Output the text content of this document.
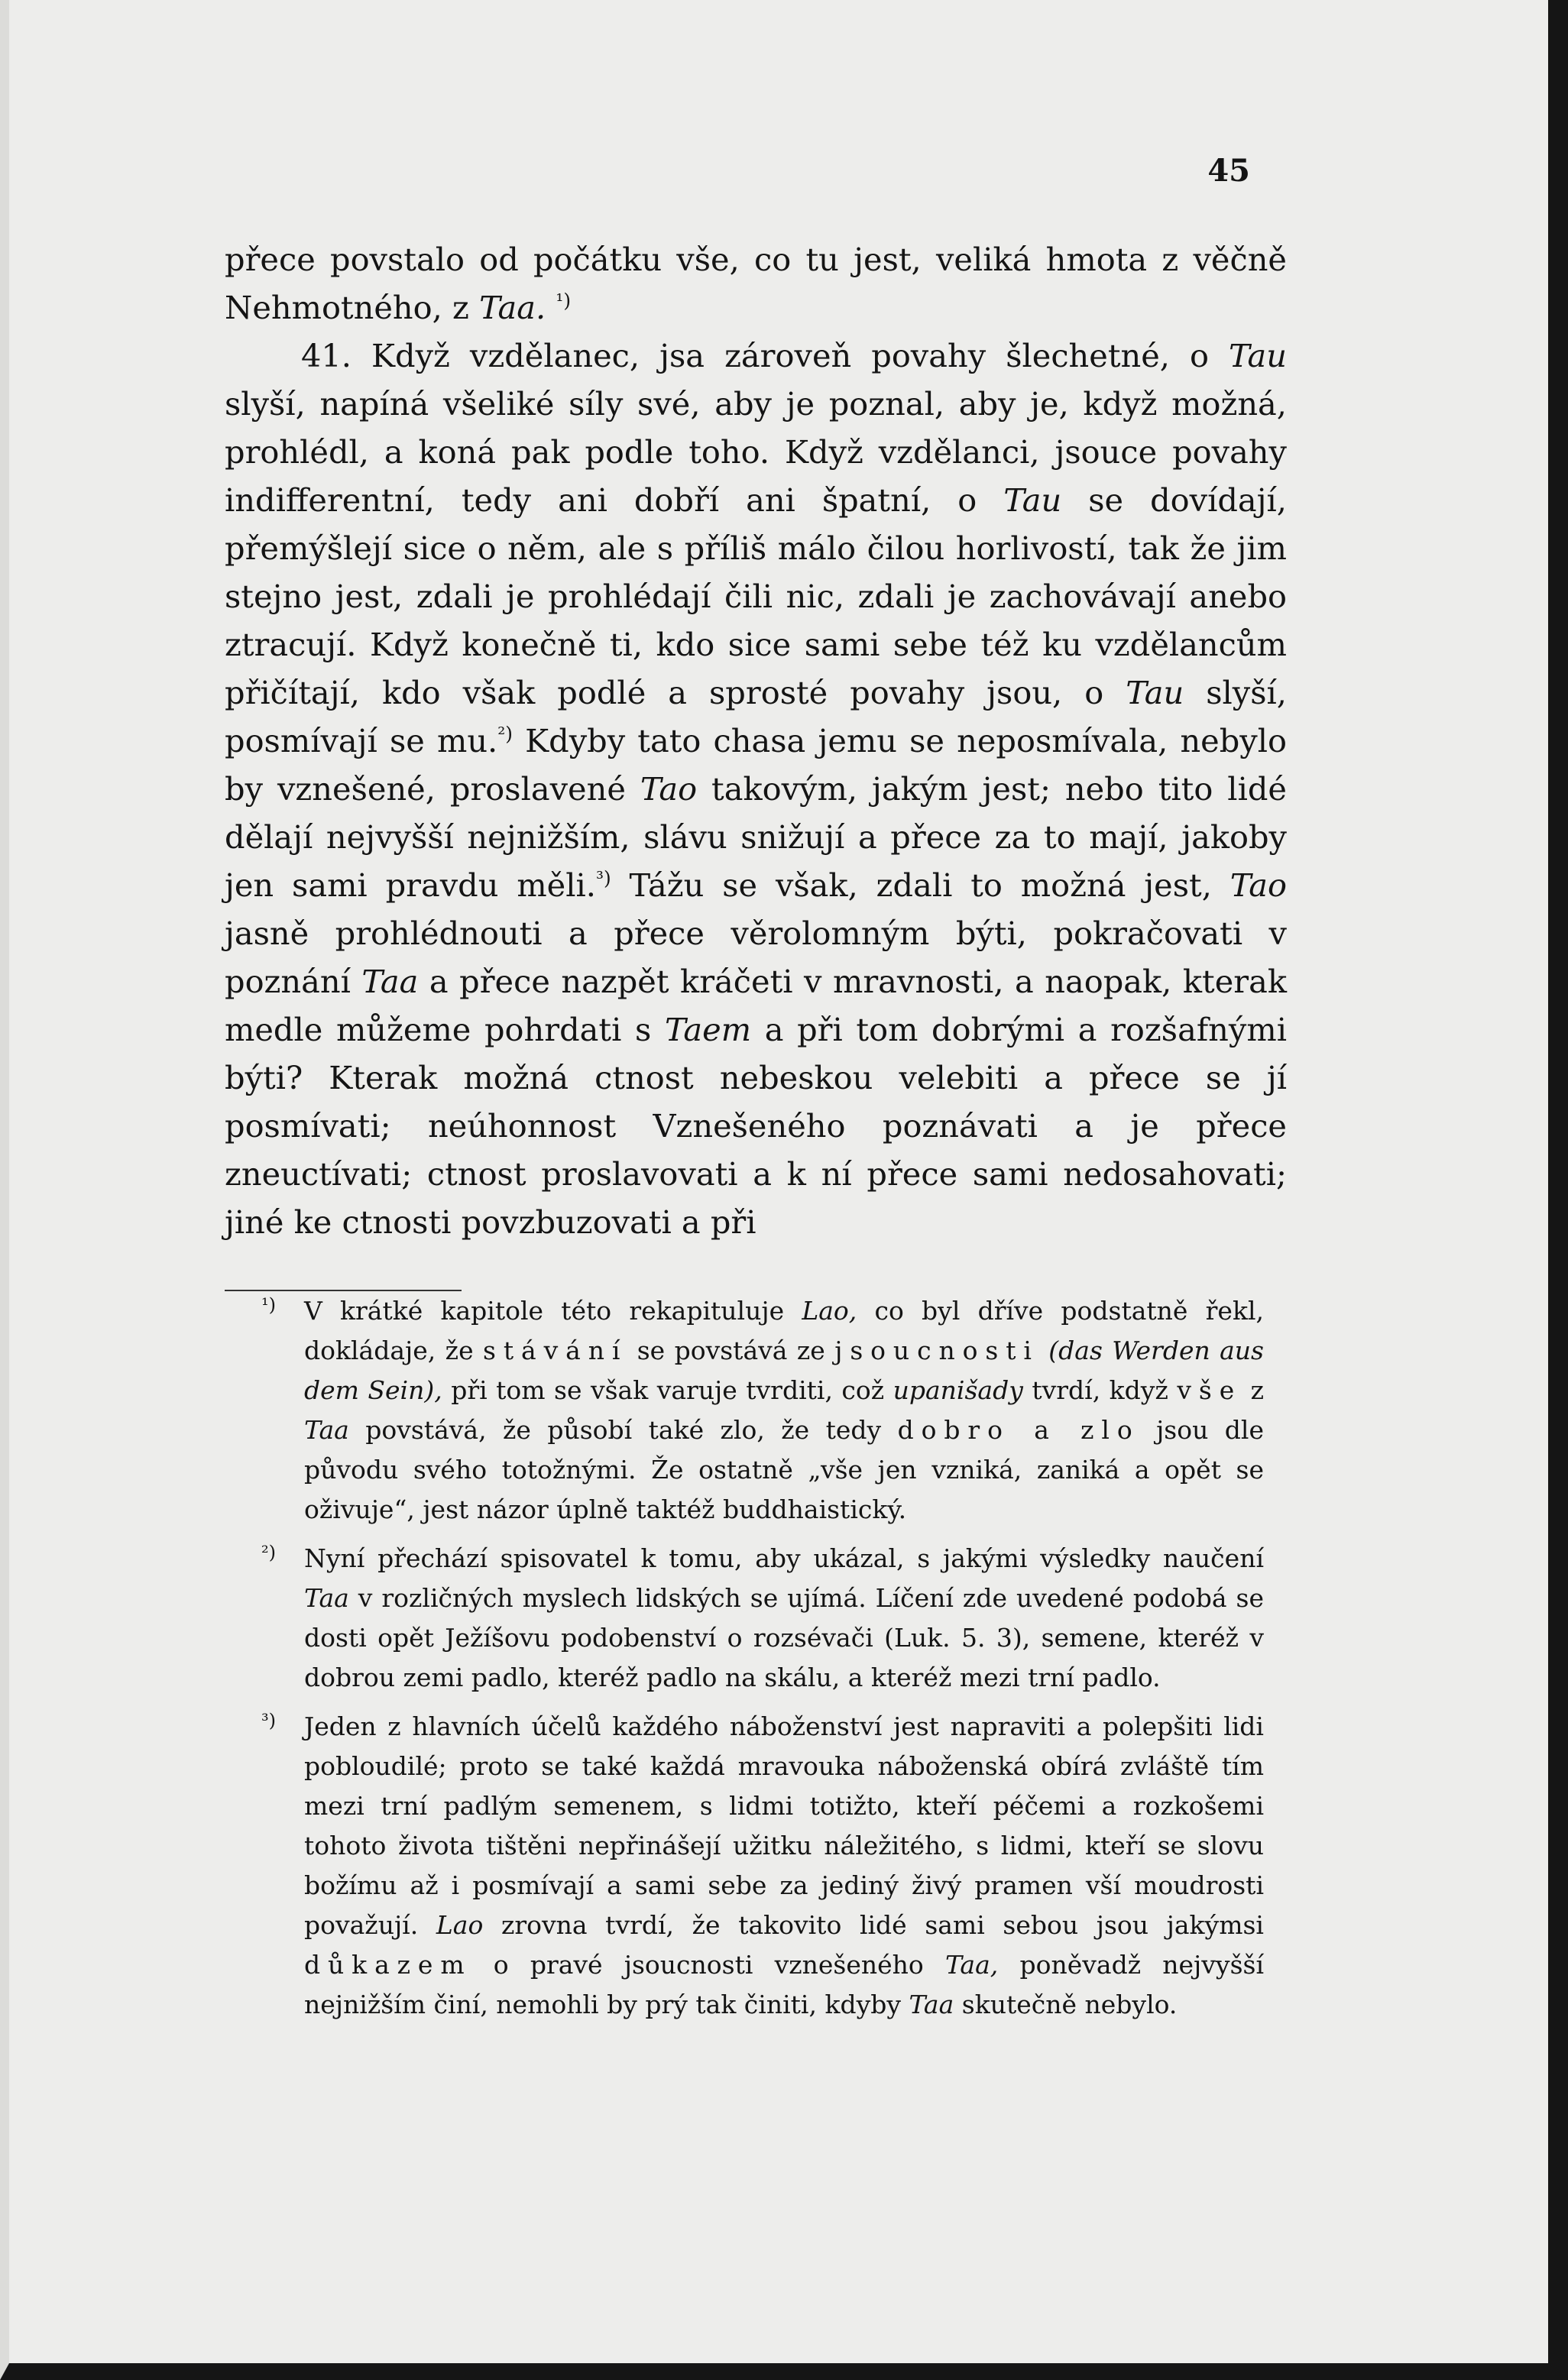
45

přece povstalo od počátku vše, co tu jest, veliká hmota z věčně Nehmotného, z Taa. $^{^1)}$

41. Když vzdělanec, jsa zároveň povahy šlechetné, o Tau slyší, napíná všeliké síly své, aby je poznal, aby je, když možná, prohlédl, a koná pak podle toho. Když vzdělanci, jsouce povahy indifferentní, tedy ani dobří ani špatní, o Tau se dovídají, přemýšlejí sice o něm, ale s příliš málo čilou horlivostí, tak že jim stejno jest, zdali je prohlédají čili nic, zdali je zachovávají anebo ztracují. Když konečně ti, kdo sice sami sebe též ku vzdělancům přičítají, kdo však podlé a sprosté povahy jsou, o Tau slyší, posmívají se mu.$^{^2)}$ Kdyby tato chasa jemu se neposmívala, nebylo by vznešené, proslavené Tao takovým, jakým jest; nebo tito lidé dělají nejvyšší nejnižším, slávu snižují a přece za to mají, jakoby jen sami pravdu měli.$^{^3)}$ Tážu se však, zdali to možná jest, Tao jasně prohlédnouti a přece věrolomným býti, pokračovati v poznání Taa a přece nazpět kráčeti v mravnosti, a naopak, kterak medle můžeme pohrdati s Taem a při tom dobrými a rozšafnými býti? Kterak možná ctnost nebeskou velebiti a přece se jí posmívati; neúhonnost Vznešeného poznávati a je přece zneuctívati; ctnost proslavovati a k ní přece sami nedosahovati; jiné ke ctnosti povzbuzovati a při

¹) V krátké kapitole této rekapituluje Lao, co byl dříve podstatně řekl, dokládaje, že stávání se povstává ze jsoucnosti (das Werden aus dem Sein), při tom se však varuje tvrditi, což upanišady tvrdí, když vše z Taa povstává, že působí také zlo, že tedy dobro a zlo jsou dle původu svého totožnými. Že ostatně „vše jen vzniká, zaniká a opět se oživuje“, jest názor úplně taktéž buddhaistický.
²) Nyní přechází spisovatel k tomu, aby ukázal, s jakými výsledky naučení Taa v rozličných myslech lidských se ujímá. Líčení zde uvedené podobá se dosti opět Ježíšovu podobenství o rozsévači (Luk. 5. 3), semene, kteréž v dobrou zemi padlo, kteréž padlo na skálu, a kteréž mezi trní padlo.
³) Jeden z hlavních účelů každého náboženství jest napraviti a polepšiti lidi pobloudilé; proto se také každá mravouka náboženská obírá zvláště tím mezi trní padlým semenem, s lidmi totižto, kteří péčemi a rozkošemi tohoto života tištěni nepřinášejí užitku náležitého, s lidmi, kteří se slovu božímu až i posmívají a sami sebe za jediný živý pramen vší moudrosti považují. Lao zrovna tvrdí, že takovito lidé sami sebou jsou jakýmsi důkazem o pravé jsoucnosti vznešeného Taa, poněvadž nejvyšší nejnižším činí, nemohli by prý tak činiti, kdyby Taa skutečně nebylo.
